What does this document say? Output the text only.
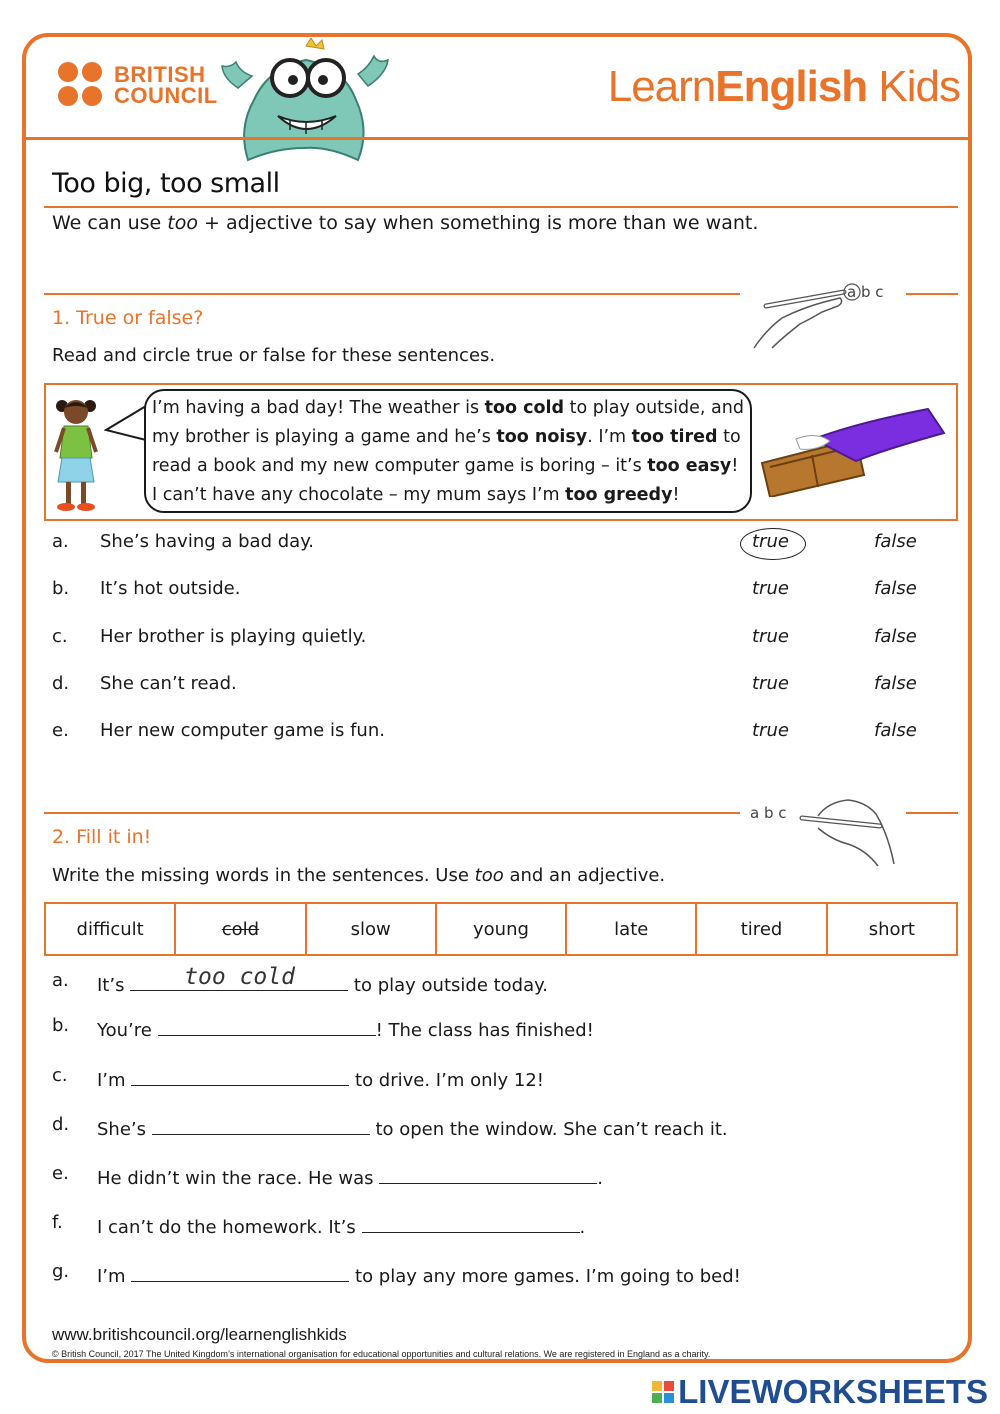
BRITISH
COUNCIL	LearnEnglish Kids
Too big, too small
We can use too + adjective to say when something is more than we want.
a b c
1. True or false?
Read and circle true or false for these sentences.
I’m having a bad day! The weather is too cold to play outside, and my brother is playing a game and he’s too noisy. I’m too tired to read a book and my new computer game is boring – it’s too easy! I can’t have any chocolate – my mum says I’m too greedy!
a. She’s having a bad day.	true	false
b. It’s hot outside.	true	false
c. Her brother is playing quietly.	true	false
d. She can’t read.	true	false
e. Her new computer game is fun.	true	false
a b c
2. Fill it in!
Write the missing words in the sentences. Use too and an adjective.
difficult	cold	slow	young	late	tired	short
a. It’s too cold	to play outside today.
b. You’re	! The class has finished!
c. I’m	to drive. I’m only 12!
d. She’s	to open the window. She can’t reach it.
e. He didn’t win the race. He was	.
f. I can’t do the homework. It’s	.
g. I’m	to play any more games. I’m going to bed!
www.britishcouncil.org/learnenglishkids
© British Council, 2017 The United Kingdom’s international organisation for educational opportunities and cultural relations. We are registered in England as a charity.
LIVEWORKSHEETS
